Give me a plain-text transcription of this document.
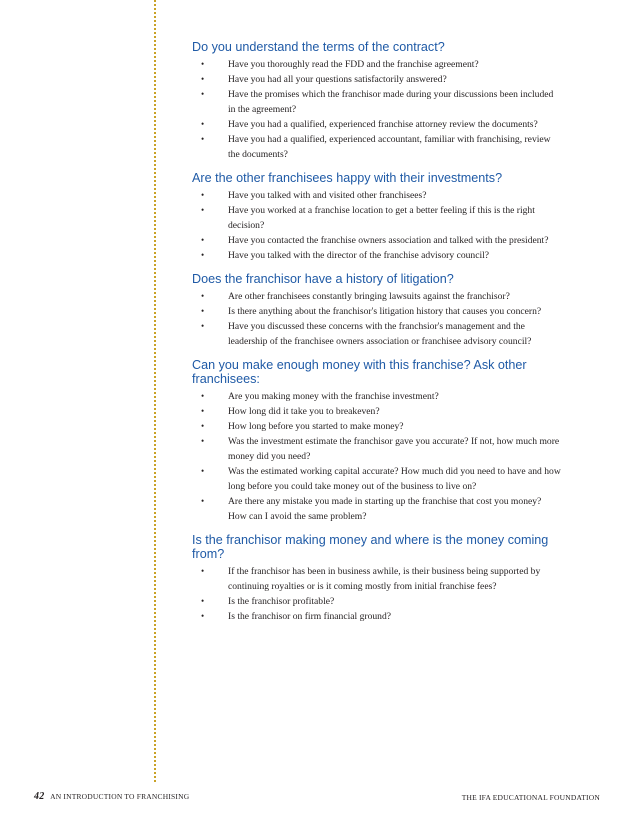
Do you understand the terms of the contract?
• Have you thoroughly read the FDD and the franchise agreement?
• Have you had all your questions satisfactorily answered?
• Have the promises which the franchisor made during your discussions been included in the agreement?
• Have you had a qualified, experienced franchise attorney review the documents?
• Have you had a qualified, experienced accountant, familiar with franchising, review the documents?
Are the other franchisees happy with their investments?
• Have you talked with and visited other franchisees?
• Have you worked at a franchise location to get a better feeling if this is the right decision?
• Have you contacted the franchise owners association and talked with the president?
• Have you talked with the director of the franchise advisory council?
Does the franchisor have a history of litigation?
• Are other franchisees constantly bringing lawsuits against the franchisor?
• Is there anything about the franchisor's litigation history that causes you concern?
• Have you discussed these concerns with the franchsior's management and the leadership of the franchisee owners association or franchisee advisory council?
Can you make enough money with this franchise? Ask other franchisees:
• Are you making money with the franchise investment?
• How long did it take you to breakeven?
• How long before you started to make money?
• Was the investment estimate the franchisor gave you accurate? If not, how much more money did you need?
• Was the estimated working capital accurate? How much did you need to have and how long before you could take money out of the business to live on?
• Are there any mistake you made in starting up the franchise that cost you money? How can I avoid the same problem?
Is the franchisor making money and where is the money coming from?
• If the franchisor has been in business awhile, is their business being supported by continuing royalties or is it coming mostly from initial franchise fees?
• Is the franchisor profitable?
• Is the franchisor on firm financial ground?
42 AN INTRODUCTION TO FRANCHISING	THE IFA EDUCATIONAL FOUNDATION
